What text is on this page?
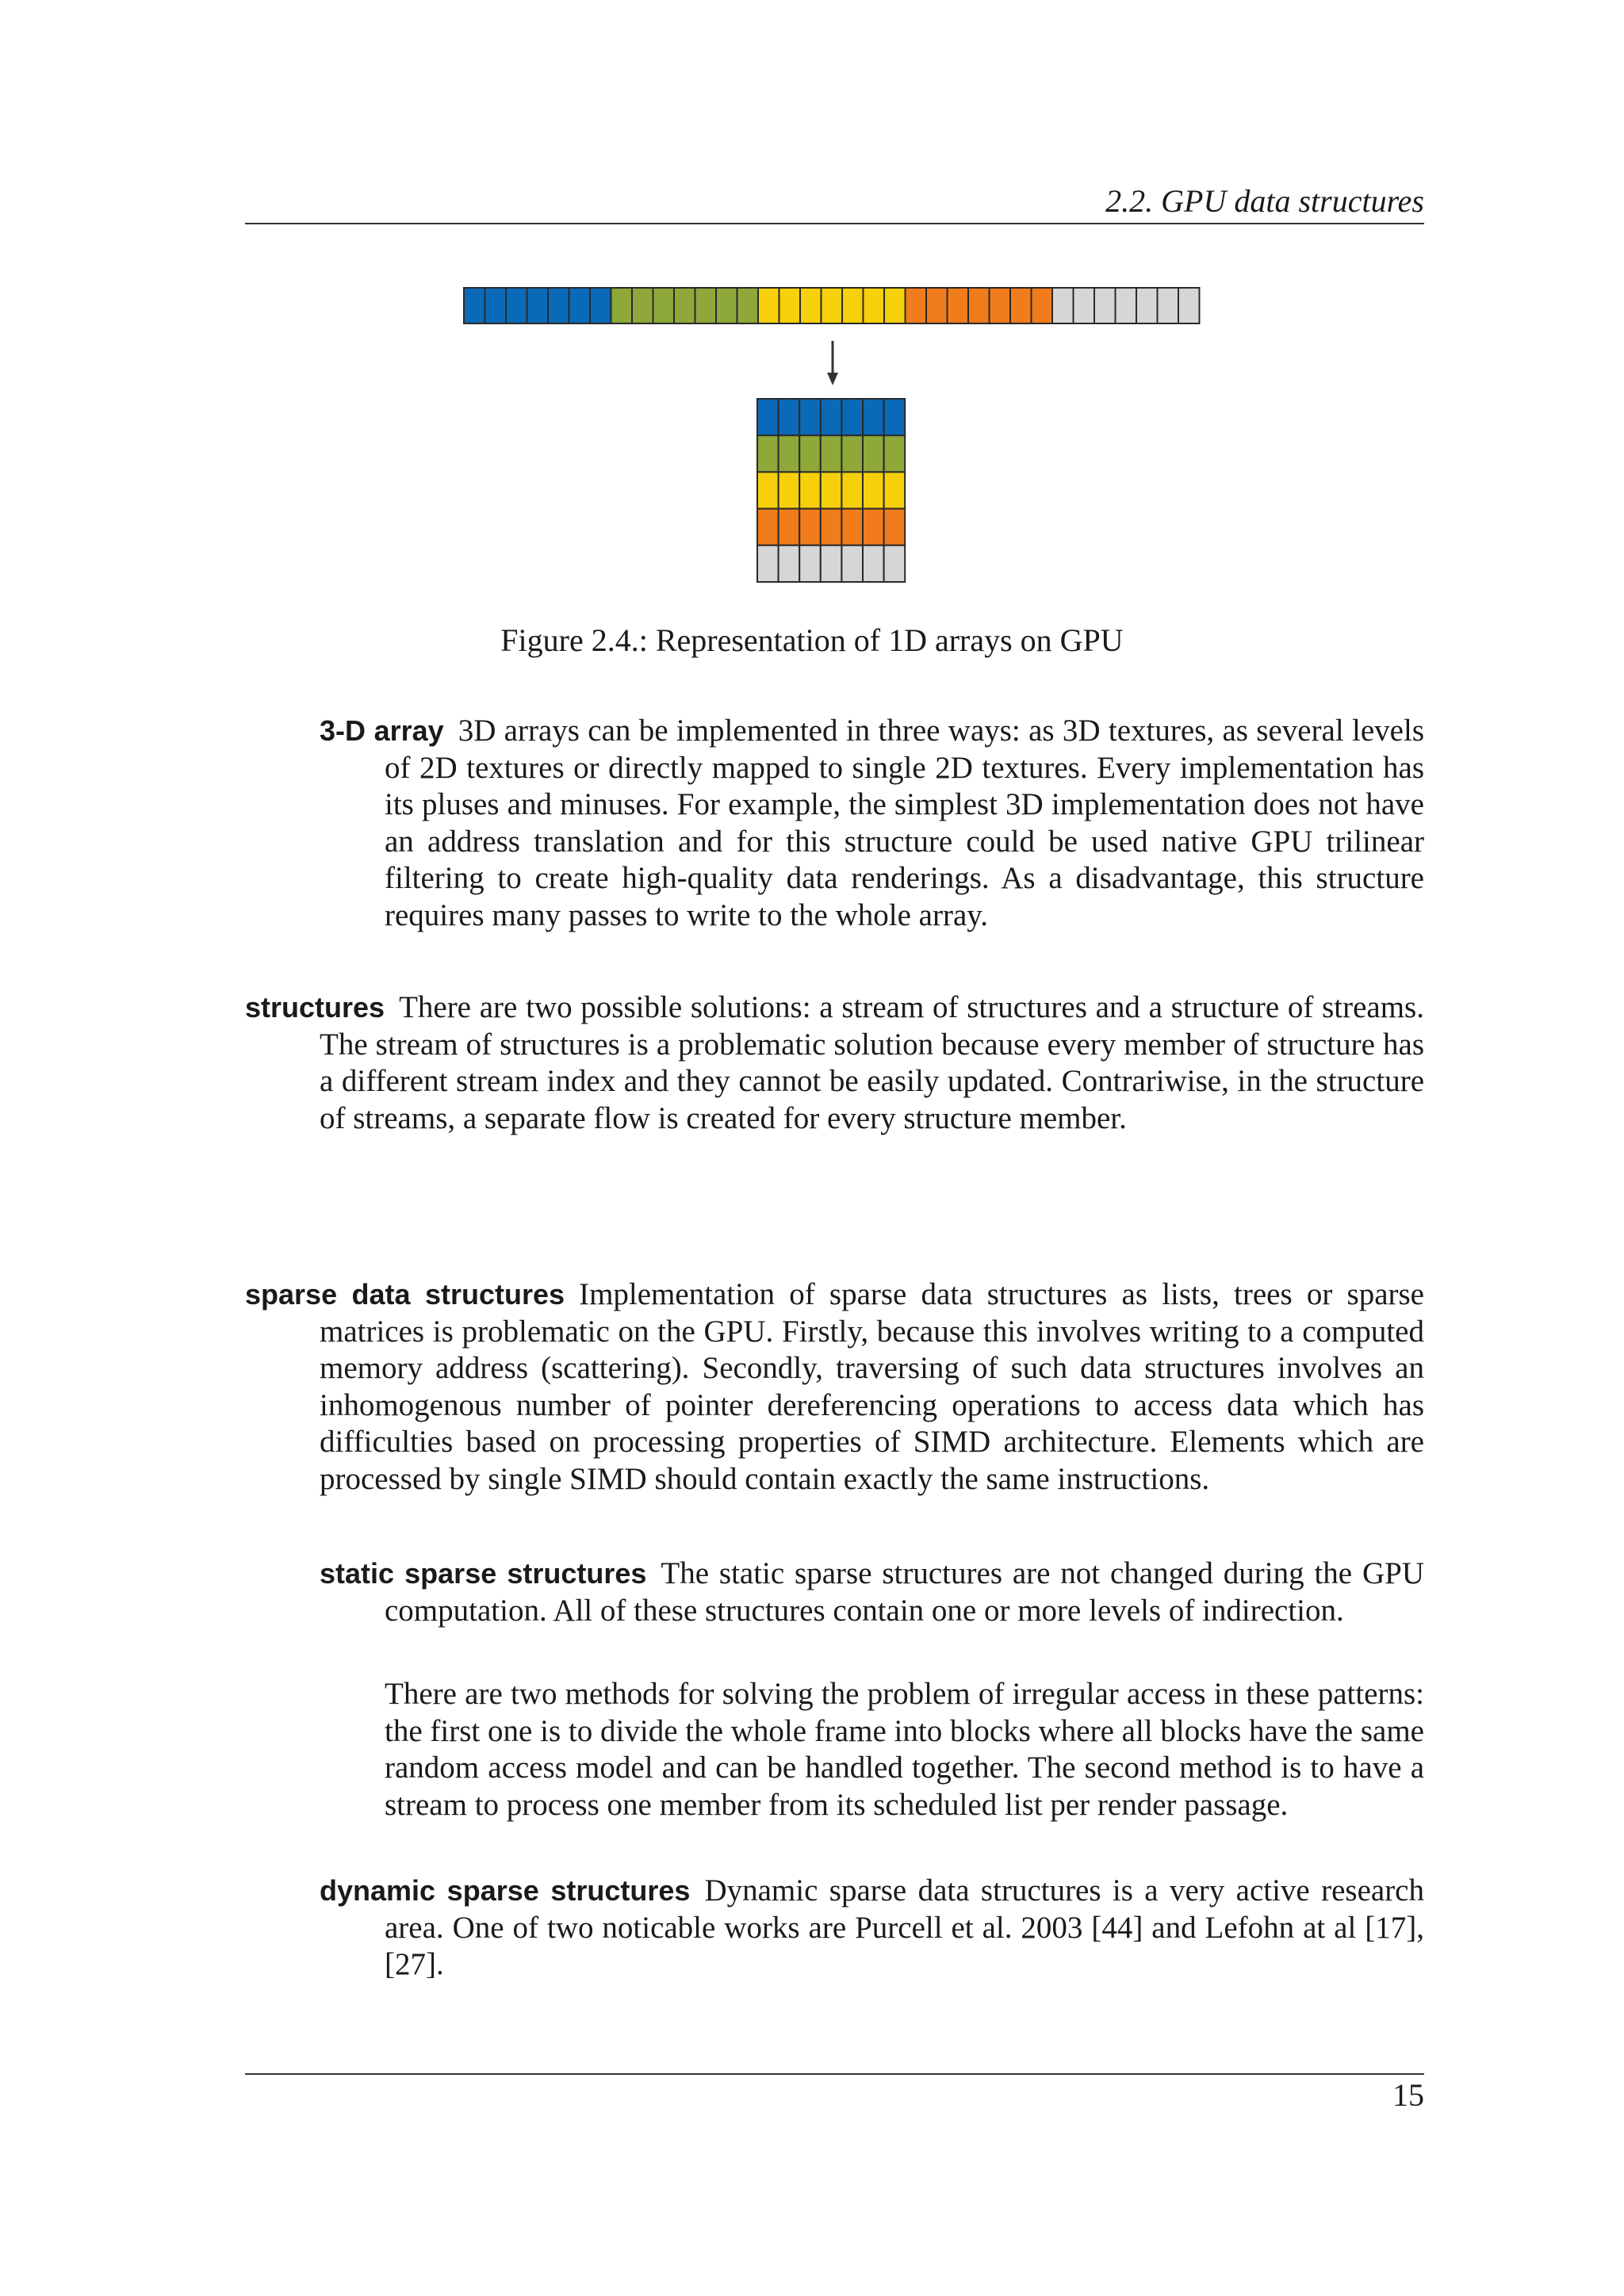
2.2. GPU data structures
Figure 2.4.: Representation of 1D arrays on GPU
3-D array 3D arrays can be implemented in three ways: as 3D textures, as several levels of 2D textures or directly mapped to single 2D textures. Every implementation has its pluses and minuses. For example, the simplest 3D implementation does not have an address translation and for this structure could be used native GPU trilinear filtering to create high-quality data renderings. As a disadvantage, this structure requires many passes to write to the whole array.
structures There are two possible solutions: a stream of structures and a structure of streams. The stream of structures is a problematic solution because every member of structure has a different stream index and they cannot be easily updated. Contrariwise, in the structure of streams, a separate flow is created for every structure member.
sparse data structures Implementation of sparse data structures as lists, trees or sparse matrices is problematic on the GPU. Firstly, because this involves writing to a computed memory address (scattering). Secondly, traversing of such data structures involves an inhomogenous number of pointer dereferencing operations to access data which has difficulties based on processing properties of SIMD architecture. Elements which are processed by single SIMD should contain exactly the same instructions.
static sparse structures The static sparse structures are not changed during the GPU computation. All of these structures contain one or more levels of indirection.
There are two methods for solving the problem of irregular access in these patterns: the first one is to divide the whole frame into blocks where all blocks have the same random access model and can be handled together. The second method is to have a stream to process one member from its scheduled list per render passage.
dynamic sparse structures Dynamic sparse data structures is a very active research area. One of two noticable works are Purcell et al. 2003 [44] and Lefohn at al [17], [27].
15
